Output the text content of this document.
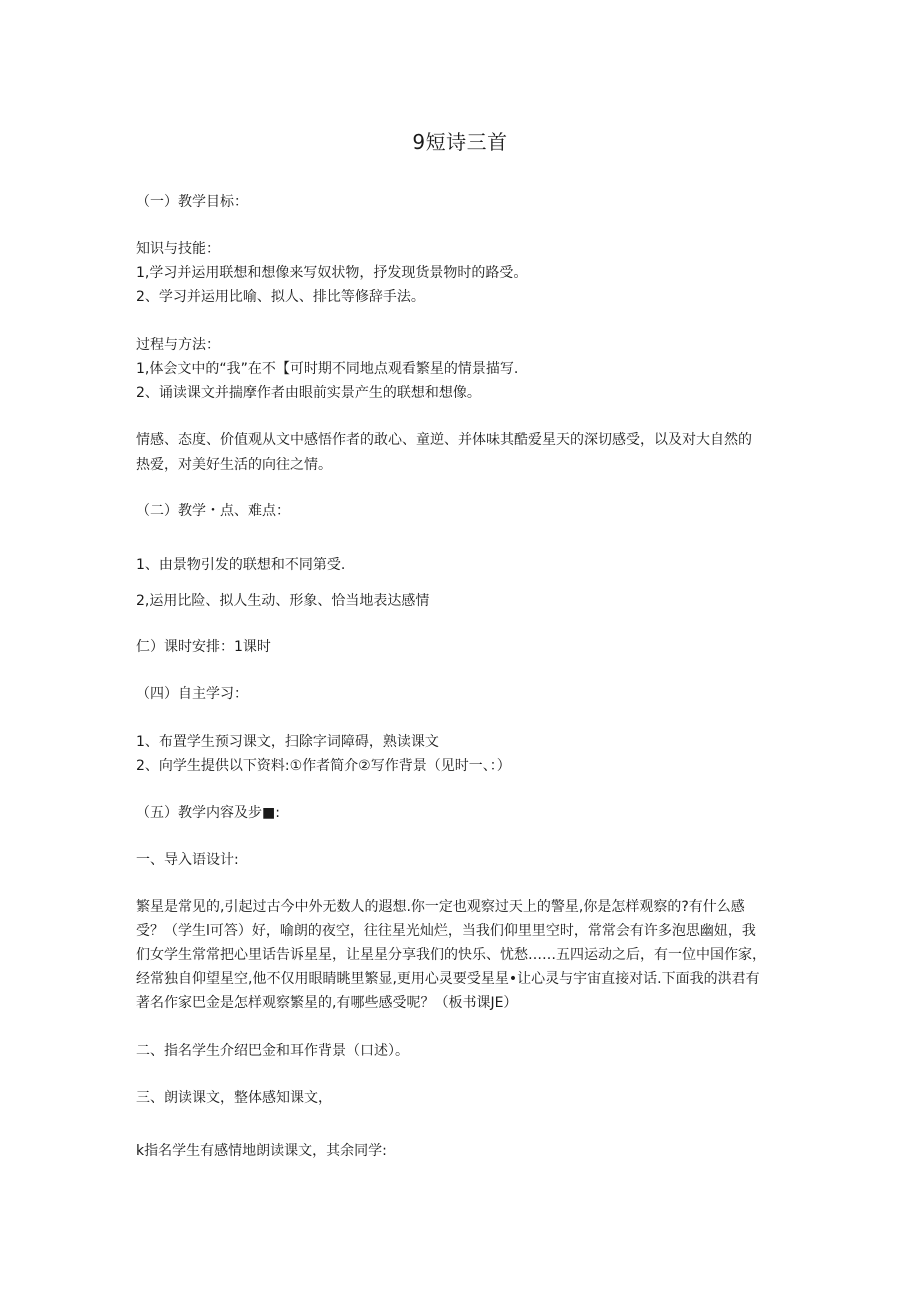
9短诗三首
（一）教学目标：
知识与技能：
1,学习并运用联想和想像来写奴状物，抒发现货景物时的路受。
2、学习并运用比喻、拟人、排比等修辞手法。
过程与方法：
1,体会文中的“我”在不【可时期不同地点观看繁星的情景描写.
2、诵读课文并揣摩作者由眼前实景产生的联想和想像。
情感、态度、价值观从文中感悟作者的敢心、童逆、并体味其酷爱星天的深切感受，以及对大自然的
热爱，对美好生活的向往之情。
（二）教学・点、难点：
1、由景物引发的联想和不同第受.
2,运用比险、拟人生动、形象、恰当地表达感情
仁）课时安排：1课时
（四）自主学习：
1、布置学生预习课文，扫除字词障碍，熟读课文
2、向学生提供以下资料:①作者简介②写作背景（见时一、：）
（五）教学内容及步■:
一、导入语设计:
繁星是常见的,引起过古今中外无数人的遐想.你一定也观察过天上的警星,你是怎样观察的?有什么感
受？（学生l可答）好，喻朗的夜空，往往星光灿烂，当我们仰里里空时，常常会有许多泡思幽妞，我
们女学生常常把心里话告诉星星，让星星分享我们的快乐、忧愁……五四运动之后，有一位中国作家，
经常独自仰望星空,他不仅用眼睛眺里繁显,更用心灵要受星星•让心灵与宇宙直接对话.下面我的洪君有
著名作家巴金是怎样观察繁星的,有哪些感受呢？（板书课JE）
二、指名学生介绍巴金和耳作背景（口述）。
三、朗读课文，整体感知课文，
k指名学生有感情地朗读课文，其余同学:
